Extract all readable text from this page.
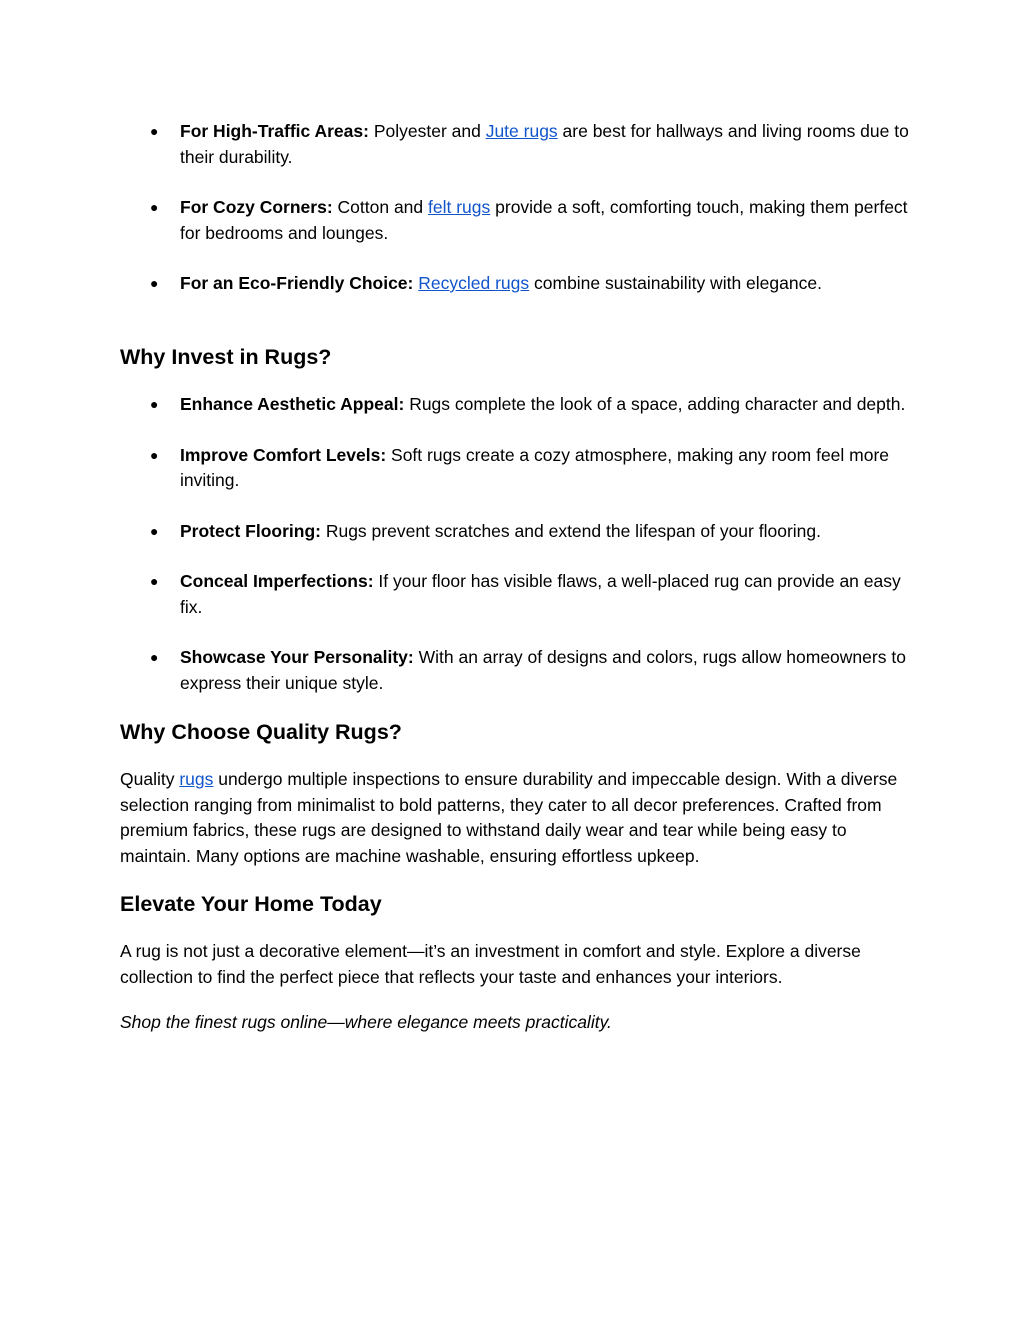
● For High-Traffic Areas: Polyester and Jute rugs are best for hallways and living rooms due to their durability.
● For Cozy Corners: Cotton and felt rugs provide a soft, comforting touch, making them perfect for bedrooms and lounges.
● For an Eco-Friendly Choice: Recycled rugs combine sustainability with elegance.
Why Invest in Rugs?
● Enhance Aesthetic Appeal: Rugs complete the look of a space, adding character and depth.
● Improve Comfort Levels: Soft rugs create a cozy atmosphere, making any room feel more inviting.
● Protect Flooring: Rugs prevent scratches and extend the lifespan of your flooring.
● Conceal Imperfections: If your floor has visible flaws, a well-placed rug can provide an easy fix.
● Showcase Your Personality: With an array of designs and colors, rugs allow homeowners to express their unique style.
Why Choose Quality Rugs?

Quality rugs undergo multiple inspections to ensure durability and impeccable design. With a diverse selection ranging from minimalist to bold patterns, they cater to all decor preferences. Crafted from premium fabrics, these rugs are designed to withstand daily wear and tear while being easy to maintain. Many options are machine washable, ensuring effortless upkeep.

Elevate Your Home Today

A rug is not just a decorative element—it’s an investment in comfort and style. Explore a diverse collection to find the perfect piece that reflects your taste and enhances your interiors.

Shop the finest rugs online—where elegance meets practicality.
